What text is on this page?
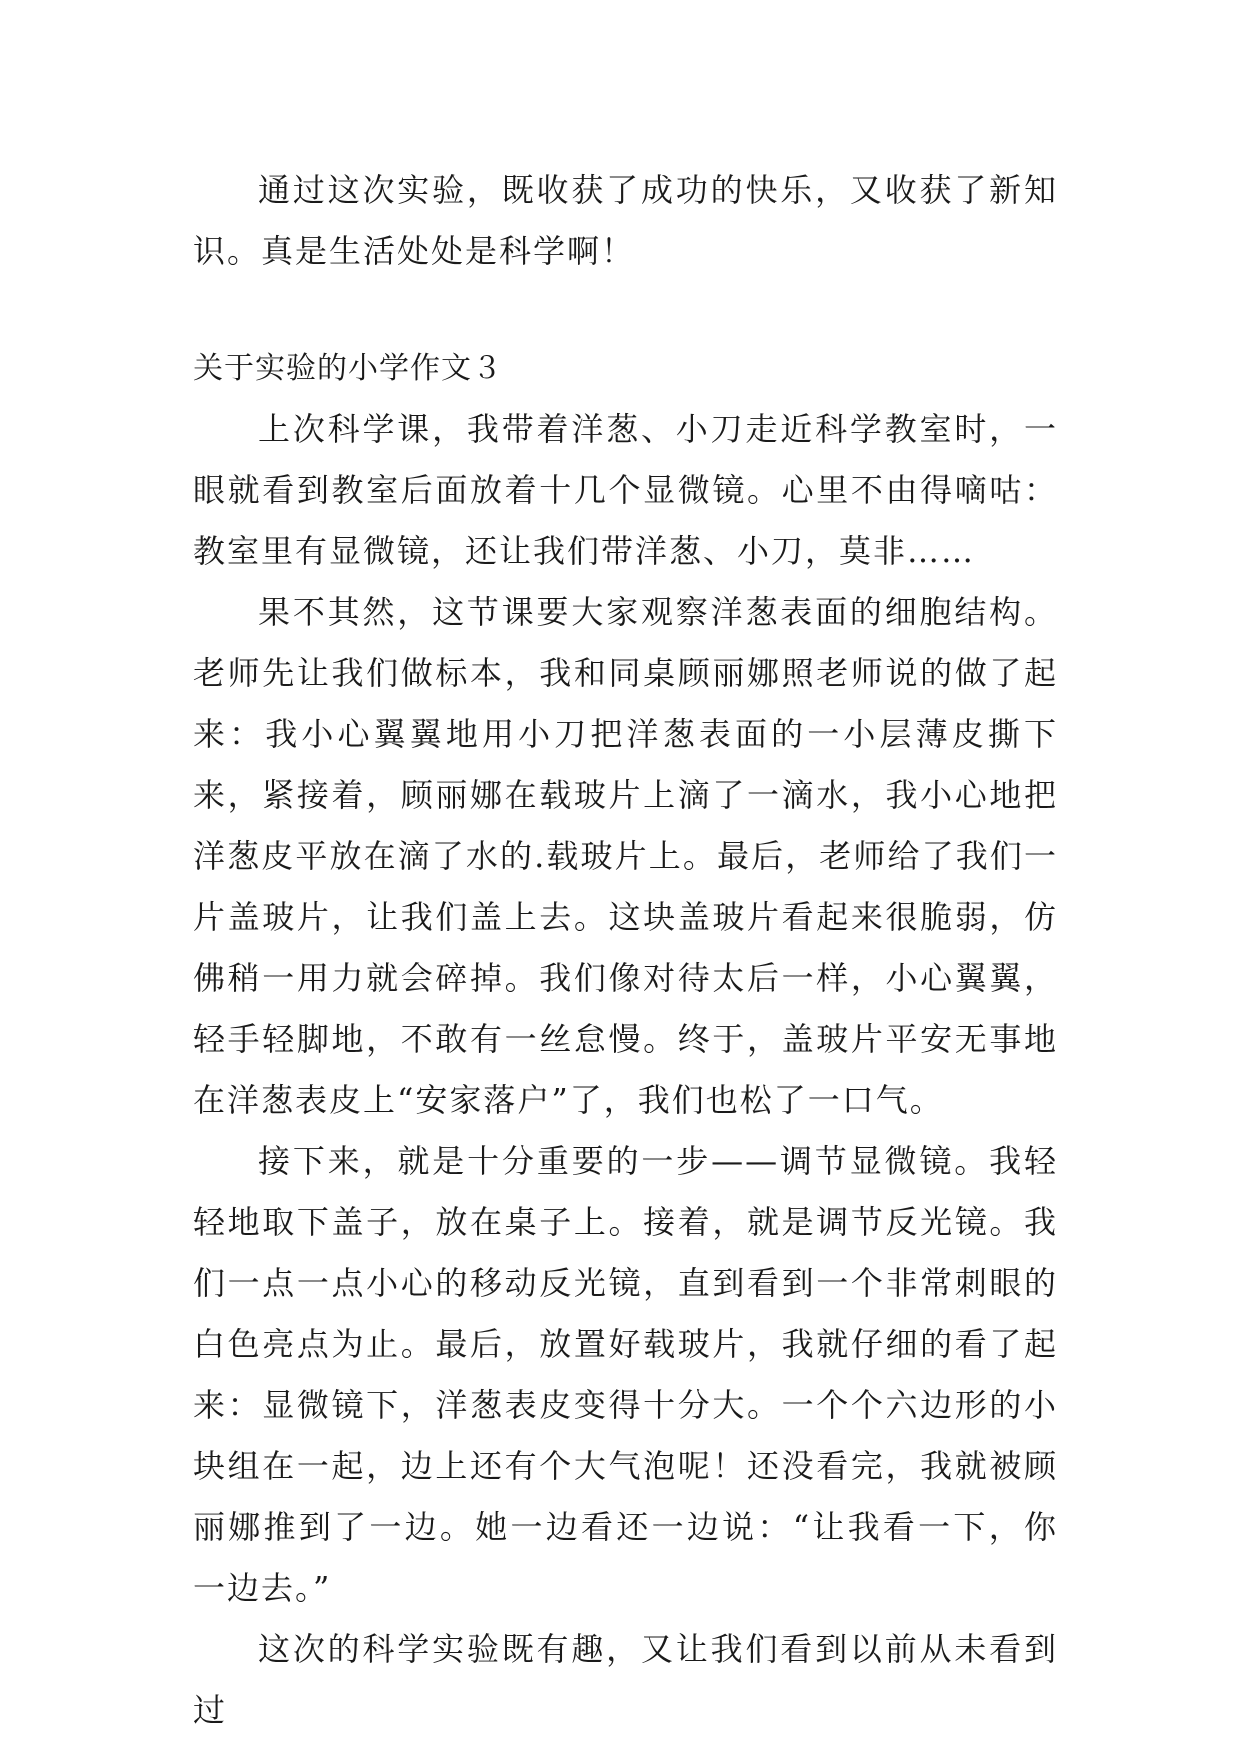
通过这次实验，既收获了成功的快乐，又收获了新知识。真是生活处处是科学啊！

关于实验的小学作文３

上次科学课，我带着洋葱、小刀走近科学教室时，一眼就看到教室后面放着十几个显微镜。心里不由得嘀咕：教室里有显微镜，还让我们带洋葱、小刀，莫非……

果不其然，这节课要大家观察洋葱表面的细胞结构。老师先让我们做标本，我和同桌顾丽娜照老师说的做了起来：我小心翼翼地用小刀把洋葱表面的一小层薄皮撕下来，紧接着，顾丽娜在载玻片上滴了一滴水，我小心地把洋葱皮平放在滴了水的.载玻片上。最后，老师给了我们一片盖玻片，让我们盖上去。这块盖玻片看起来很脆弱，仿佛稍一用力就会碎掉。我们像对待太后一样，小心翼翼，轻手轻脚地，不敢有一丝怠慢。终于，盖玻片平安无事地在洋葱表皮上“安家落户”了，我们也松了一口气。

接下来，就是十分重要的一步——调节显微镜。我轻轻地取下盖子，放在桌子上。接着，就是调节反光镜。我们一点一点小心的移动反光镜，直到看到一个非常刺眼的白色亮点为止。最后，放置好载玻片，我就仔细的看了起来：显微镜下，洋葱表皮变得十分大。一个个六边形的小块组在一起，边上还有个大气泡呢！还没看完，我就被顾丽娜推到了一边。她一边看还一边说：“让我看一下，你一边去。”

这次的科学实验既有趣，又让我们看到以前从未看到过
